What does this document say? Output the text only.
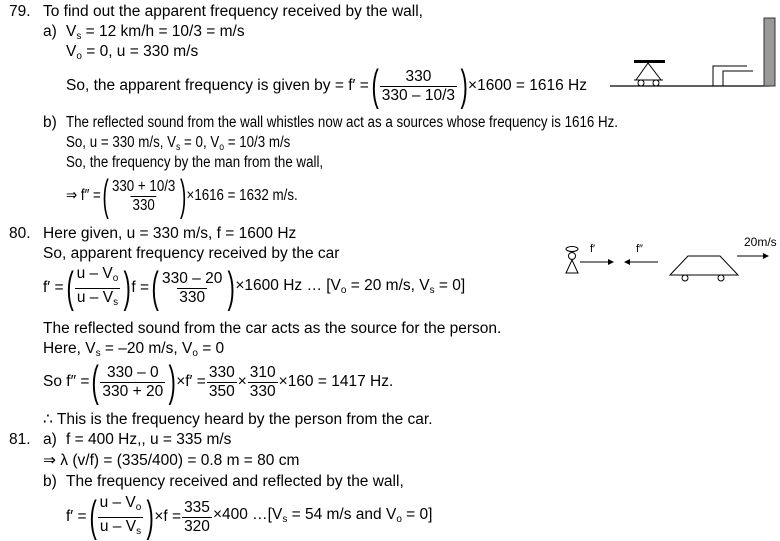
79. To find out the apparent frequency received by the wall,
a) $V_s = 12$ km/h = 10/3 = m/s
$V_o = 0$, u = 330 m/s
So, the apparent frequency is given by = f′ = ( $\frac{330}{330 - 10/3}$ ) ×1600 = 1616 Hz
b) The reflected sound from the wall whistles now act as a sources whose frequency is 1616 Hz.
So, u = 330 m/s, $V_s = 0$, $V_o = 10/3$ m/s
So, the frequency by the man from the wall,
⇒ f″ = ( $\frac{330 + 10/3}{330}$ ) ×1616 = 1632 m/s.
80. Here given, u = 330 m/s, f = 1600 Hz
So, apparent frequency received by the car
f′ = ( $\frac{u - V_o}{u - V_s}$ ) f = ( $\frac{330 - 20}{330}$ ) ×1600 Hz … [$V_o = 20$ m/s, $V_s = 0$]
f′	f″	20m/s
The reflected sound from the car acts as the source for the person.
Here, $V_s = -20$ m/s, $V_o = 0$
So f″ = ( $\frac{330 - 0}{330 + 20}$ ) $\times f' = \frac{330}{350} \times \frac{310}{330} \times 160 = 1417$ Hz.
∴ This is the frequency heard by the person from the car.
81. a) f = 400 Hz,, u = 335 m/s
⇒ λ (v/f) = (335/400) = 0.8 m = 80 cm
b) The frequency received and reflected by the wall,
f′ = ( $\frac{u - V_o}{u - V_s}$ ) $\times f = \frac{335}{320} \times 400$ $\dots[V_s = 54$ m/s and $V_o = 0$]
